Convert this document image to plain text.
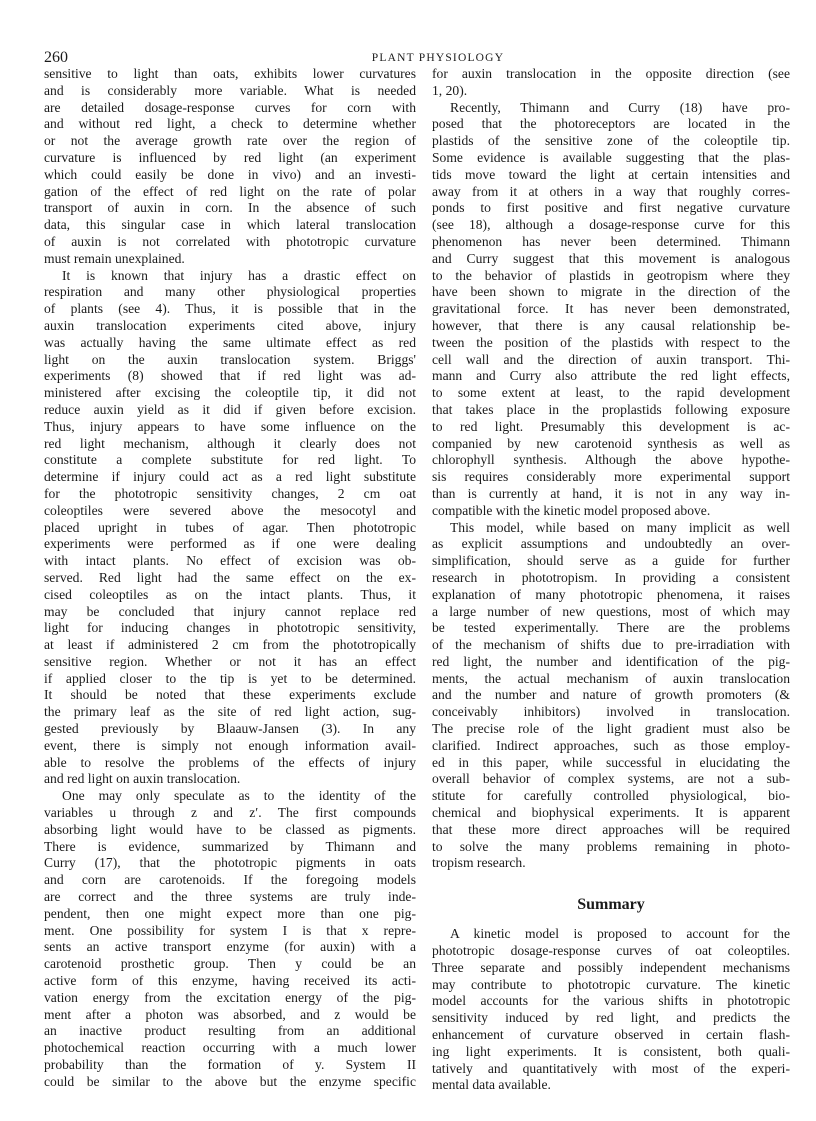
260	PLANT PHYSIOLOGY
sensitive to light than oats, exhibits lower curvatures
and is considerably more variable. What is needed
are detailed dosage-response curves for corn with
and without red light, a check to determine whether
or not the average growth rate over the region of
curvature is influenced by red light (an experiment
which could easily be done in vivo) and an investi-
gation of the effect of red light on the rate of polar
transport of auxin in corn. In the absence of such
data, this singular case in which lateral translocation
of auxin is not correlated with phototropic curvature
must remain unexplained.
It is known that injury has a drastic effect on
respiration and many other physiological properties
of plants (see 4). Thus, it is possible that in the
auxin translocation experiments cited above, injury
was actually having the same ultimate effect as red
light on the auxin translocation system. Briggs'
experiments (8) showed that if red light was ad-
ministered after excising the coleoptile tip, it did not
reduce auxin yield as it did if given before excision.
Thus, injury appears to have some influence on the
red light mechanism, although it clearly does not
constitute a complete substitute for red light. To
determine if injury could act as a red light substitute
for the phototropic sensitivity changes, 2 cm oat
coleoptiles were severed above the mesocotyl and
placed upright in tubes of agar. Then phototropic
experiments were performed as if one were dealing
with intact plants. No effect of excision was ob-
served. Red light had the same effect on the ex-
cised coleoptiles as on the intact plants. Thus, it
may be concluded that injury cannot replace red
light for inducing changes in phototropic sensitivity,
at least if administered 2 cm from the phototropically
sensitive region. Whether or not it has an effect
if applied closer to the tip is yet to be determined.
It should be noted that these experiments exclude
the primary leaf as the site of red light action, sug-
gested previously by Blaauw-Jansen (3). In any
event, there is simply not enough information avail-
able to resolve the problems of the effects of injury
and red light on auxin translocation.
One may only speculate as to the identity of the
variables u through z and z′. The first compounds
absorbing light would have to be classed as pigments.
There is evidence, summarized by Thimann and
Curry (17), that the phototropic pigments in oats
and corn are carotenoids. If the foregoing models
are correct and the three systems are truly inde-
pendent, then one might expect more than one pig-
ment. One possibility for system I is that x repre-
sents an active transport enzyme (for auxin) with a
carotenoid prosthetic group. Then y could be an
active form of this enzyme, having received its acti-
vation energy from the excitation energy of the pig-
ment after a photon was absorbed, and z would be
an inactive product resulting from an additional
photochemical reaction occurring with a much lower
probability than the formation of y. System II
could be similar to the above but the enzyme specific
for auxin translocation in the opposite direction (see
1, 20).
Recently, Thimann and Curry (18) have pro-
posed that the photoreceptors are located in the
plastids of the sensitive zone of the coleoptile tip.
Some evidence is available suggesting that the plas-
tids move toward the light at certain intensities and
away from it at others in a way that roughly corres-
ponds to first positive and first negative curvature
(see 18), although a dosage-response curve for this
phenomenon has never been determined. Thimann
and Curry suggest that this movement is analogous
to the behavior of plastids in geotropism where they
have been shown to migrate in the direction of the
gravitational force. It has never been demonstrated,
however, that there is any causal relationship be-
tween the position of the plastids with respect to the
cell wall and the direction of auxin transport. Thi-
mann and Curry also attribute the red light effects,
to some extent at least, to the rapid development
that takes place in the proplastids following exposure
to red light. Presumably this development is ac-
companied by new carotenoid synthesis as well as
chlorophyll synthesis. Although the above hypothe-
sis requires considerably more experimental support
than is currently at hand, it is not in any way in-
compatible with the kinetic model proposed above.
This model, while based on many implicit as well
as explicit assumptions and undoubtedly an over-
simplification, should serve as a guide for further
research in phototropism. In providing a consistent
explanation of many phototropic phenomena, it raises
a large number of new questions, most of which may
be tested experimentally. There are the problems
of the mechanism of shifts due to pre-irradiation with
red light, the number and identification of the pig-
ments, the actual mechanism of auxin translocation
and the number and nature of growth promoters (&
conceivably inhibitors) involved in translocation.
The precise role of the light gradient must also be
clarified. Indirect approaches, such as those employ-
ed in this paper, while successful in elucidating the
overall behavior of complex systems, are not a sub-
stitute for carefully controlled physiological, bio-
chemical and biophysical experiments. It is apparent
that these more direct approaches will be required
to solve the many problems remaining in photo-
tropism research.
Summary
A kinetic model is proposed to account for the
phototropic dosage-response curves of oat coleoptiles.
Three separate and possibly independent mechanisms
may contribute to phototropic curvature. The kinetic
model accounts for the various shifts in phototropic
sensitivity induced by red light, and predicts the
enhancement of curvature observed in certain flash-
ing light experiments. It is consistent, both quali-
tatively and quantitatively with most of the experi-
mental data available.
